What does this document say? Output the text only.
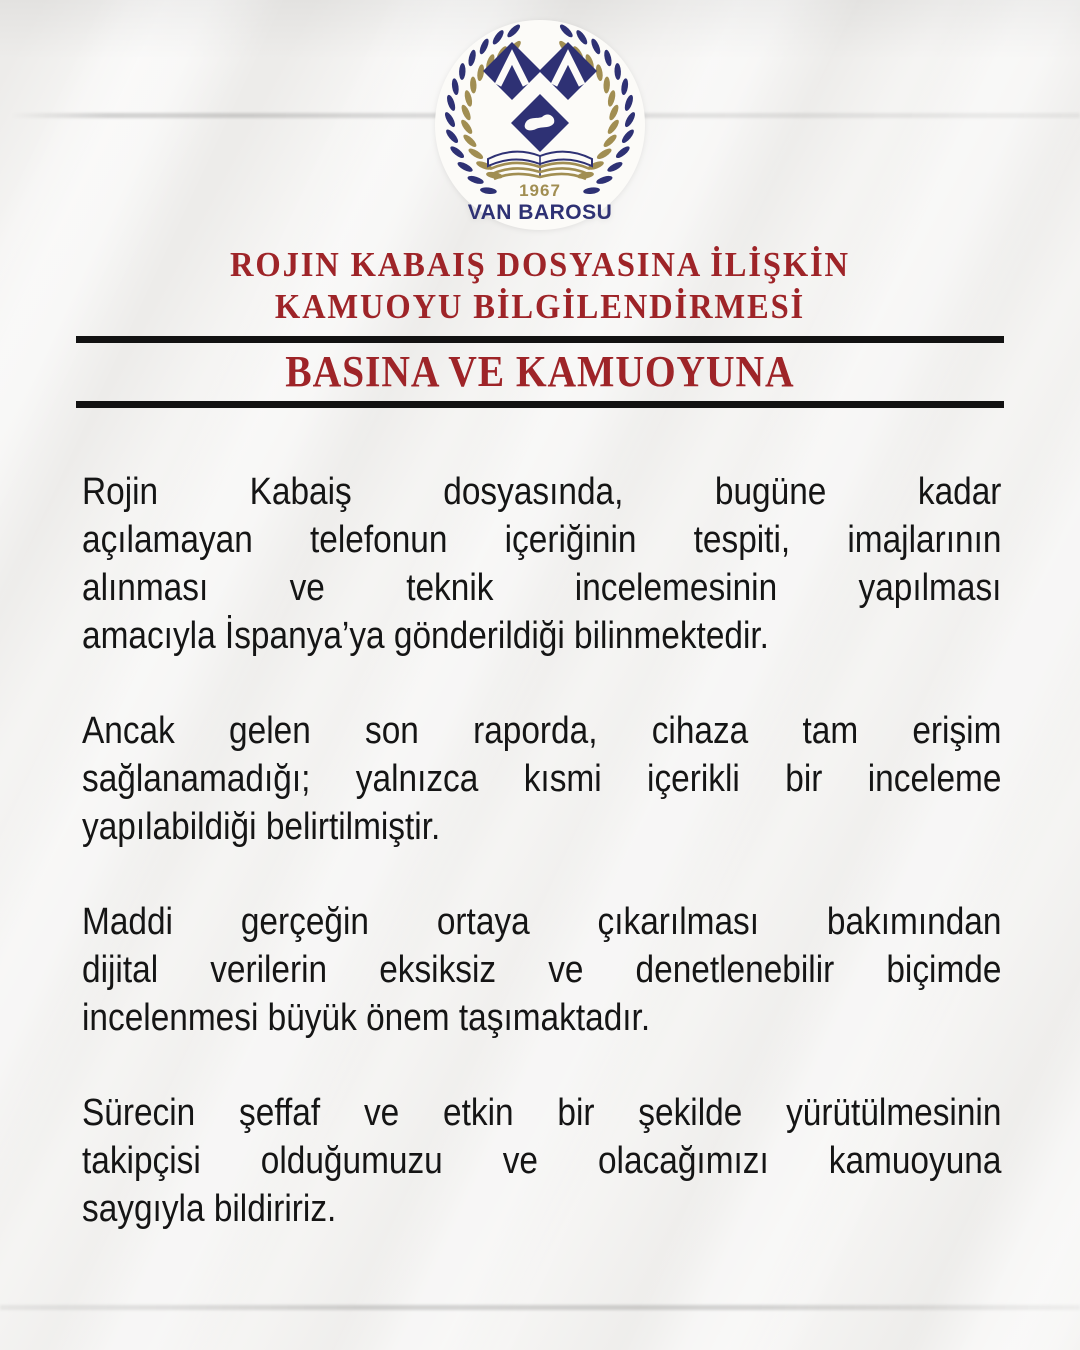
1967
VAN BAROSU
ROJIN KABAIŞ DOSYASINA İLİŞKİN
KAMUOYU BİLGİLENDİRMESİ
BASINA VE KAMUOYUNA
Rojin Kabaiş dosyasında, bugüne kadar
açılamayan telefonun içeriğinin tespiti, imajlarının
alınması ve teknik incelemesinin yapılması
amacıyla İspanya’ya gönderildiği bilinmektedir.
Ancak gelen son raporda, cihaza tam erişim
sağlanamadığı; yalnızca kısmi içerikli bir inceleme
yapılabildiği belirtilmiştir.
Maddi gerçeğin ortaya çıkarılması bakımından
dijital verilerin eksiksiz ve denetlenebilir biçimde
incelenmesi büyük önem taşımaktadır.
Sürecin şeffaf ve etkin bir şekilde yürütülmesinin
takipçisi olduğumuzu ve olacağımızı kamuoyuna
saygıyla bildiririz.
